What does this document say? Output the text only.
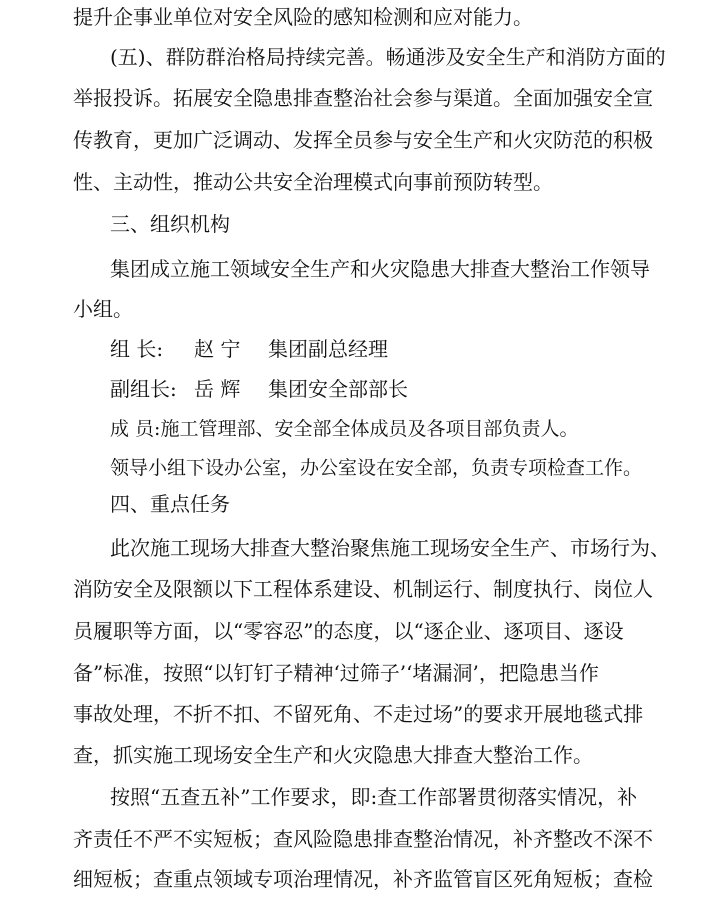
提升企事业单位对安全风险的感知检测和应对能力。
(五)、群防群治格局持续完善。畅通涉及安全生产和消防方面的
举报投诉。拓展安全隐患排查整治社会参与渠道。全面加强安全宣
传教育，更加广泛调动、发挥全员参与安全生产和火灾防范的积极
性、主动性，推动公共安全治理模式向事前预防转型。
三、组织机构
集团成立施工领域安全生产和火灾隐患大排查大整治工作领导
小组。
组 长: 赵 宁 集团副总经理
副组长: 岳 辉 集团安全部部长
成 员:施工管理部、安全部全体成员及各项目部负责人。
领导小组下设办公室，办公室设在安全部，负责专项检查工作。
四、重点任务
此次施工现场大排查大整治聚焦施工现场安全生产、市场行为、
消防安全及限额以下工程体系建设、机制运行、制度执行、岗位人
员履职等方面，以“零容忍”的态度，以“逐企业、逐项目、逐设
备”标准，按照“以钉钉子精神‘过筛子’‘堵漏洞’，把隐患当作
事故处理，不折不扣、不留死角、不走过场”的要求开展地毯式排
查，抓实施工现场安全生产和火灾隐患大排查大整治工作。
按照“五查五补”工作要求，即:查工作部署贯彻落实情况，补
齐责任不严不实短板；查风险隐患排查整治情况，补齐整改不深不
细短板；查重点领域专项治理情况，补齐监管盲区死角短板；查检
